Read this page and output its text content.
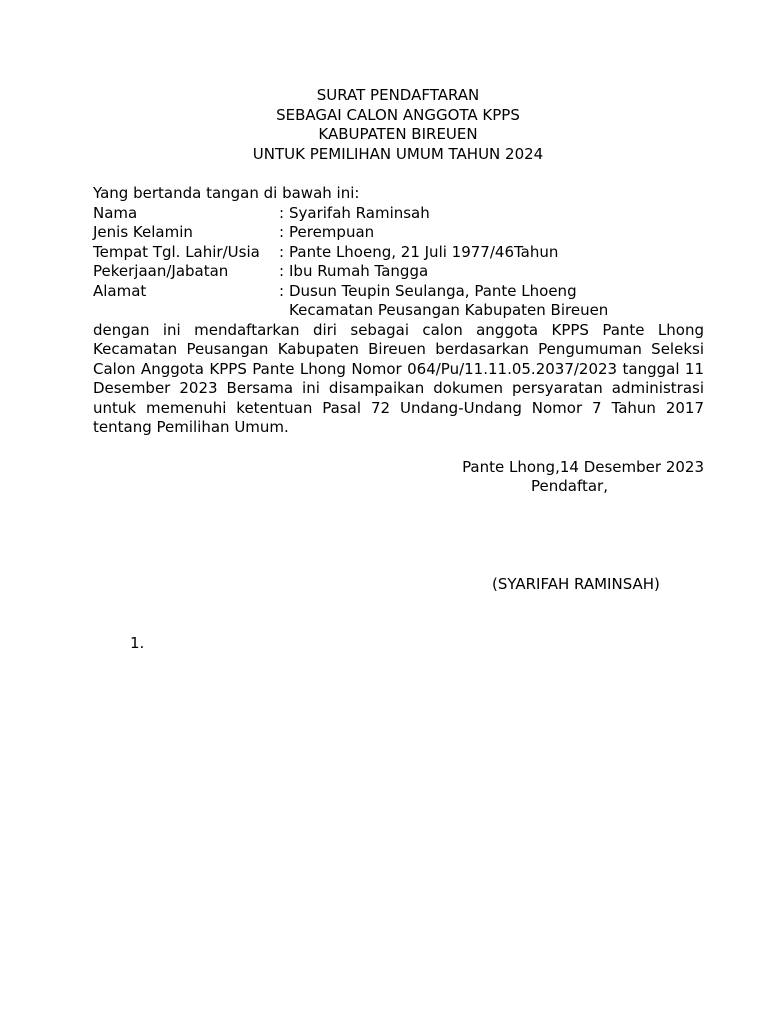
SURAT PENDAFTARAN
SEBAGAI CALON ANGGOTA KPPS
KABUPATEN BIREUEN
UNTUK PEMILIHAN UMUM TAHUN 2024
Yang bertanda tangan di bawah ini:
Nama	: Syarifah Raminsah
Jenis Kelamin	: Perempuan
Tempat Tgl. Lahir/Usia : Pante Lhoeng, 21 Juli 1977/46Tahun
Pekerjaan/Jabatan	: Ibu Rumah Tangga
Alamat	: Dusun Teupin Seulanga, Pante Lhoeng
Kecamatan Peusangan Kabupaten Bireuen
dengan ini mendaftarkan diri sebagai calon anggota KPPS Pante Lhong Kecamatan Peusangan Kabupaten Bireuen berdasarkan Pengumuman Seleksi Calon Anggota KPPS Pante Lhong Nomor 064/Pu/11.11.05.2037/2023 tanggal 11 Desember 2023 Bersama ini disampaikan dokumen persyaratan administrasi untuk memenuhi ketentuan Pasal 72 Undang-Undang Nomor 7 Tahun 2017 tentang Pemilihan Umum.
Pante Lhong,14 Desember 2023
Pendaftar,
(SYARIFAH RAMINSAH)
1.
